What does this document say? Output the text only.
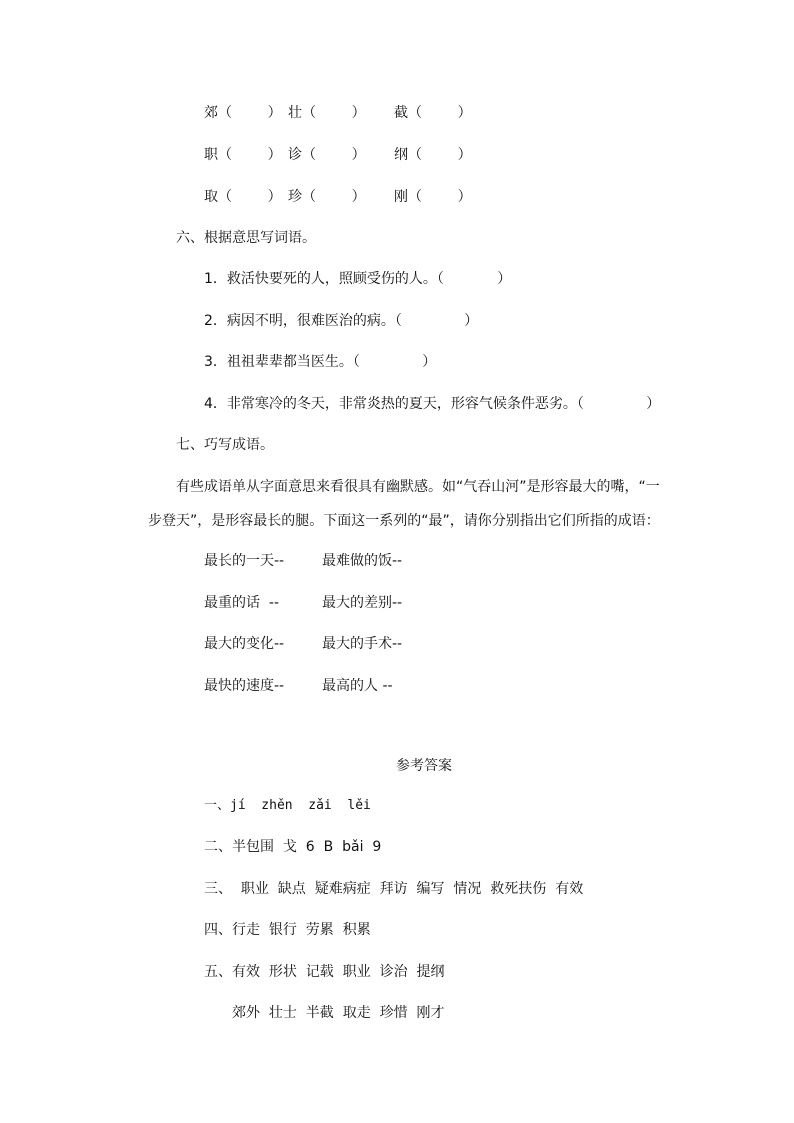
郊（        ） 壮（        ） 截（        ）
职（        ） 诊（        ） 纲（        ）
取（        ） 珍（        ） 刚（        ）
六、根据意思写词语。
1．救活快要死的人，照顾受伤的人。（            ）
2．病因不明，很难医治的病。（              ）
3．祖祖辈辈都当医生。（              ）
4．非常寒冷的冬天，非常炎热的夏天，形容气候条件恶劣。（              ）
七、巧写成语。
有些成语单从字面意思来看很具有幽默感。如“气吞山河”是形容最大的嘴，“一
步登天”，是形容最长的腿。下面这一系列的“最”，请你分别指出它们所指的成语：
最长的一天--	最难做的饭--
最重的话  --	最大的差别--
最大的变化--	最大的手术--
最快的速度--	最高的人 --
参考答案
一、jí  zhěn  zǎi  lěi
二、半包围  戈  6  B  bǎi  9
三、  职业  缺点  疑难病症  拜访  编写  情况  救死扶伤  有效
四、行走  银行  劳累  积累
五、有效  形状  记载  职业  诊治  提纲
郊外  壮士  半截  取走  珍惜  刚才
